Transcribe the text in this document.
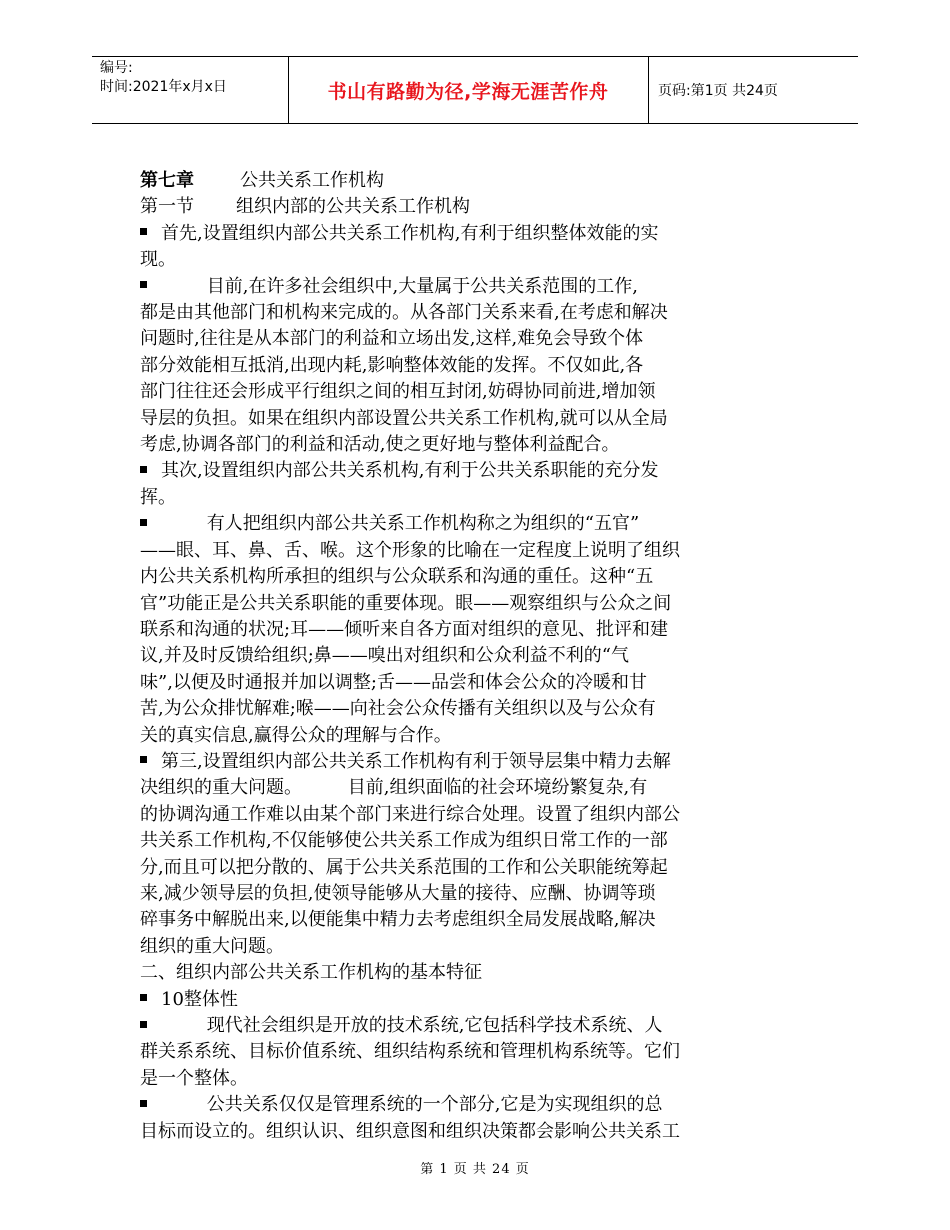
编号:
时间:2021年x月x日	书山有路勤为径,学海无涯苦作舟	页码:第1页 共24页
第七章	公共关系工作机构
第一节 组织内部的公共关系工作机构
首先,设置组织内部公共关系工作机构,有利于组织整体效能的实
现。
目前,在许多社会组织中,大量属于公共关系范围的工作,
都是由其他部门和机构来完成的。从各部门关系来看,在考虑和解决
问题时,往往是从本部门的利益和立场出发,这样,难免会导致个体
部分效能相互抵消,出现内耗,影响整体效能的发挥。不仅如此,各
部门往往还会形成平行组织之间的相互封闭,妨碍协同前进,增加领
导层的负担。如果在组织内部设置公共关系工作机构,就可以从全局
考虑,协调各部门的利益和活动,使之更好地与整体利益配合。
其次,设置组织内部公共关系机构,有利于公共关系职能的充分发
挥。
有人把组织内部公共关系工作机构称之为组织的“五官”
——眼、耳、鼻、舌、喉。这个形象的比喻在一定程度上说明了组织
内公共关系机构所承担的组织与公众联系和沟通的重任。这种“五
官”功能正是公共关系职能的重要体现。眼——观察组织与公众之间
联系和沟通的状况;耳——倾听来自各方面对组织的意见、批评和建
议,并及时反馈给组织;鼻——嗅出对组织和公众利益不利的“气
味”,以便及时通报并加以调整;舌——品尝和体会公众的冷暖和甘
苦,为公众排忧解难;喉——向社会公众传播有关组织以及与公众有
关的真实信息,赢得公众的理解与合作。
第三,设置组织内部公共关系工作机构有利于领导层集中精力去解
决组织的重大问题。        目前,组织面临的社会环境纷繁复杂,有
的协调沟通工作难以由某个部门来进行综合处理。设置了组织内部公
共关系工作机构,不仅能够使公共关系工作成为组织日常工作的一部
分,而且可以把分散的、属于公共关系范围的工作和公关职能统筹起
来,减少领导层的负担,使领导能够从大量的接待、应酬、协调等琐
碎事务中解脱出来,以便能集中精力去考虑组织全局发展战略,解决
组织的重大问题。
二、组织内部公共关系工作机构的基本特征
10整体性
现代社会组织是开放的技术系统,它包括科学技术系统、人
群关系系统、目标价值系统、组织结构系统和管理机构系统等。它们
是一个整体。
公共关系仅仅是管理系统的一个部分,它是为实现组织的总
目标而设立的。组织认识、组织意图和组织决策都会影响公共关系工
第 1 页 共 24 页
